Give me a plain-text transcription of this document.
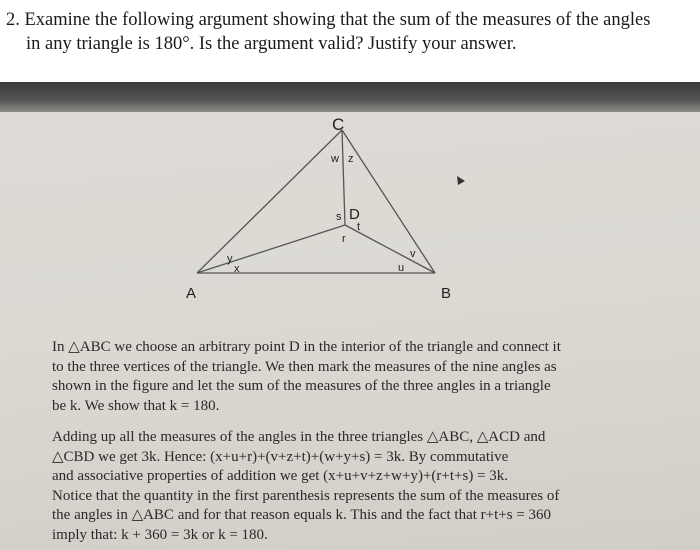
2. Examine the following argument showing that the sum of the measures of the angles
in any triangle is 180°. Is the argument valid? Justify your answer.

C
A	B
D
w z
s
t
r
y
x	u
v
In △ABC we choose an arbitrary point D in the interior of the triangle and connect it
to the three vertices of the triangle. We then mark the measures of the nine angles as
shown in the figure and let the sum of the measures of the three angles in a triangle
be k. We show that k = 180.
Adding up all the measures of the angles in the three triangles △ABC, △ACD and
△CBD we get 3k. Hence: (x+u+r)+(v+z+t)+(w+y+s) = 3k. By commutative
and associative properties of addition we get (x+u+v+z+w+y)+(r+t+s) = 3k.
Notice that the quantity in the first parenthesis represents the sum of the measures of
the angles in △ABC and for that reason equals k. This and the fact that r+t+s = 360
imply that: k + 360 = 3k or k = 180.
